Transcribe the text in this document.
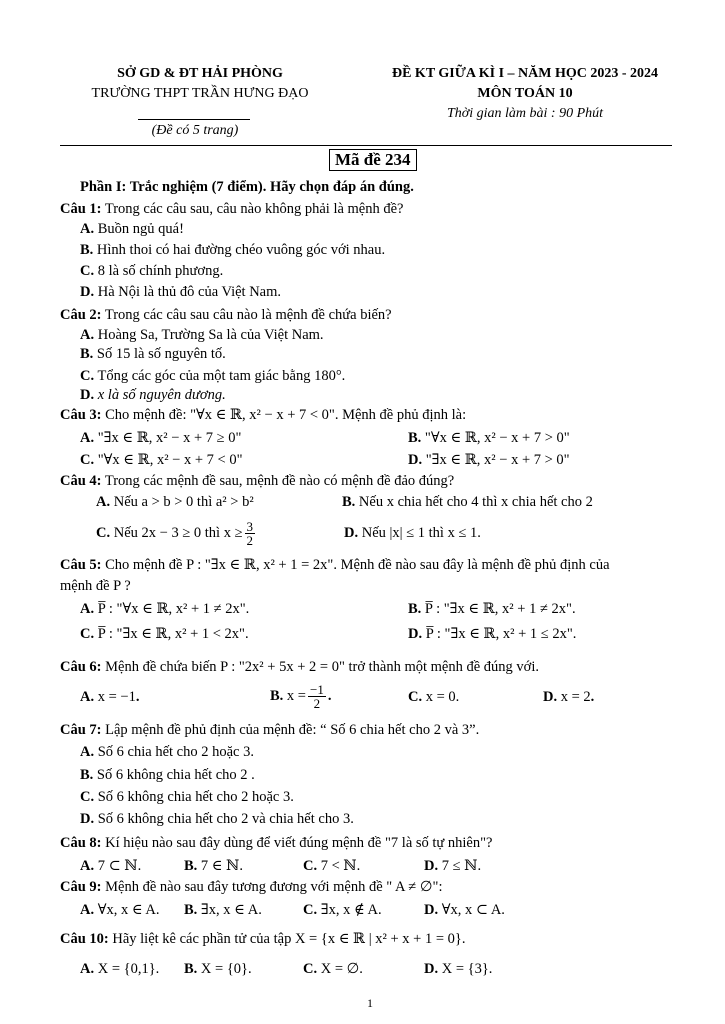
SỞ GD & ĐT HẢI PHÒNG
TRƯỜNG THPT TRẦN HƯNG ĐẠO
(Đề có 5 trang)
ĐỀ KT GIỮA KÌ I – NĂM HỌC 2023 - 2024
MÔN TOÁN 10
Thời gian làm bài : 90 Phút
Mã đề 234
Phần I: Trắc nghiệm (7 điểm). Hãy chọn đáp án đúng.
Câu 1: Trong các câu sau, câu nào không phải là mệnh đề?
A. Buồn ngủ quá!
B. Hình thoi có hai đường chéo vuông góc với nhau.
C. 8 là số chính phương.
D. Hà Nội là thủ đô của Việt Nam.
Câu 2: Trong các câu sau câu nào là mệnh đề chứa biến?
A. Hoàng Sa, Trường Sa là của Việt Nam.
B. Số 15 là số nguyên tố.
C. Tổng các góc của một tam giác bằng 180°.
D. x là số nguyên dương.
Câu 3: Cho mệnh đề: "∀x ∈ ℝ, x² − x + 7 < 0". Mệnh đề phủ định là:
A. "∃x ∈ ℝ, x² − x + 7 ≥ 0"	B. "∀x ∈ ℝ, x² − x + 7 > 0"
C. "∀x ∈ ℝ, x² − x + 7 < 0"	D. "∃x ∈ ℝ, x² − x + 7 > 0"
Câu 4: Trong các mệnh đề sau, mệnh đề nào có mệnh đề đảo đúng?
A. Nếu a > b > 0 thì a² > b²	B. Nếu x chia hết cho 4 thì x chia hết cho 2
C. Nếu 2x − 3 ≥ 0 thì $x \ge \frac{3}{2}$	D. Nếu |x| ≤ 1 thì x ≤ 1.
Câu 5: Cho mệnh đề P : "∃x ∈ ℝ, x² + 1 = 2x". Mệnh đề nào sau đây là mệnh đề phủ định của
mệnh đề P ?
A. P̅ : "∀x ∈ ℝ, x² + 1 ≠ 2x".	B. P̅ : "∃x ∈ ℝ, x² + 1 ≠ 2x".
C. P̅ : "∃x ∈ ℝ, x² + 1 < 2x".	D. P̅ : "∃x ∈ ℝ, x² + 1 ≤ 2x".
Câu 6: Mệnh đề chứa biến P : "2x² + 5x + 2 = 0" trở thành một mệnh đề đúng với.
A. x = −1.	B. $x = \frac{-1}{2}$ .	C. x = 0.	D. x = 2.
Câu 7: Lập mệnh đề phủ định của mệnh đề: “ Số 6 chia hết cho 2 và 3”.
A. Số 6 chia hết cho 2 hoặc 3.
B. Số 6 không chia hết cho 2 .
C. Số 6 không chia hết cho 2 hoặc 3.
D. Số 6 không chia hết cho 2 và chia hết cho 3.
Câu 8: Kí hiệu nào sau đây dùng để viết đúng mệnh đề "7 là số tự nhiên"?
A. 7 ⊂ ℕ.	B. 7 ∈ ℕ.	C. 7 < ℕ.	D. 7 ≤ ℕ.
Câu 9: Mệnh đề nào sau đây tương đương với mệnh đề " A ≠ ∅":
A. ∀x, x ∈ A. B. ∃x, x ∈ A.	C. ∃x, x ∉ A.	D. ∀x, x ⊂ A.
Câu 10: Hãy liệt kê các phần tử của tập X = {x ∈ ℝ | x² + x + 1 = 0}.
A. X = {0,1}. B. X = {0}.	C. X = ∅.	D. X = {3}.
1
